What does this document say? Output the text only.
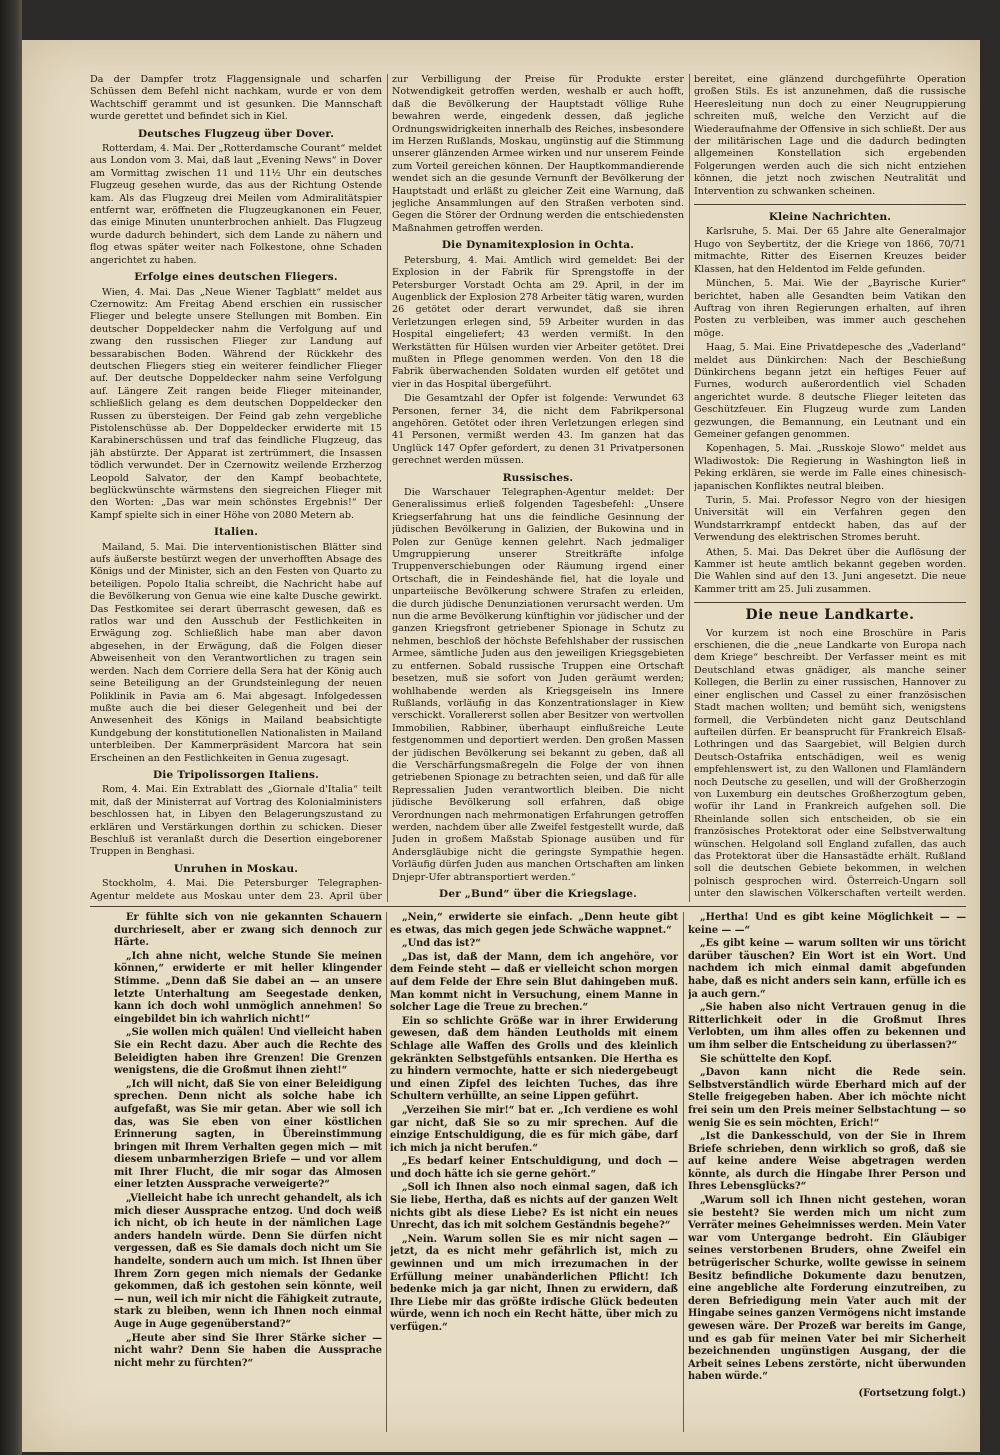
Da der Dampfer trotz Flaggensignale und scharfen Schüssen dem Befehl nicht nachkam, wurde er von dem Wachtschiff gerammt und ist gesunken. Die Mannschaft wurde gerettet und befindet sich in Kiel.

Deutsches Flugzeug über Dover.

Rotterdam, 4. Mai. Der „Rotterdamsche Courant“ meldet aus London vom 3. Mai, daß laut „Evening News“ in Dover am Vormittag zwischen 11 und 11½ Uhr ein deutsches Flugzeug gesehen wurde, das aus der Richtung Ostende kam. Als das Flugzeug drei Meilen vom Admiralitätspier entfernt war, eröffneten die Flugzeugkanonen ein Feuer, das einige Minuten ununterbrochen anhielt. Das Flugzeug wurde dadurch behindert, sich dem Lande zu nähern und flog etwas später weiter nach Folkestone, ohne Schaden angerichtet zu haben.

Erfolge eines deutschen Fliegers.

Wien, 4. Mai. Das „Neue Wiener Tagblatt“ meldet aus Czernowitz: Am Freitag Abend erschien ein russischer Flieger und belegte unsere Stellungen mit Bomben. Ein deutscher Doppeldecker nahm die Verfolgung auf und zwang den russischen Flieger zur Landung auf bessarabischen Boden. Während der Rückkehr des deutschen Fliegers stieg ein weiterer feindlicher Flieger auf. Der deutsche Doppeldecker nahm seine Verfolgung auf. Längere Zeit rangen beide Flieger miteinander, schließlich gelang es dem deutschen Doppeldecker den Russen zu übersteigen. Der Feind gab zehn vergebliche Pistolenschüsse ab. Der Doppeldecker erwiderte mit 15 Karabinerschüssen und traf das feindliche Flugzeug, das jäh abstürzte. Der Apparat ist zertrümmert, die Insassen tödlich verwundet. Der in Czernowitz weilende Erzherzog Leopold Salvator, der den Kampf beobachtete, beglückwünschte wärmstens den siegreichen Flieger mit den Worten: „Das war mein schönstes Ergebnis!“ Der Kampf spielte sich in einer Höhe von 2080 Metern ab.

Italien.

Mailand, 5. Mai. Die interventionistischen Blätter sind aufs äußerste bestürzt wegen der unverhofften Absage des Königs und der Minister, sich an den Festen von Quarto zu beteiligen. Popolo Italia schreibt, die Nachricht habe auf die Bevölkerung von Genua wie eine kalte Dusche gewirkt. Das Festkomitee sei derart überrascht gewesen, daß es ratlos war und den Ausschub der Festlichkeiten in Erwägung zog. Schließlich habe man aber davon abgesehen, in der Erwägung, daß die Folgen dieser Abweisenheit von den Verantwortlichen zu tragen sein werden. Nach dem Corriere della Sera hat der König auch seine Beteiligung an der Grundsteinlegung der neuen Poliklinik in Pavia am 6. Mai abgesagt. Infolgedessen mußte auch die bei dieser Gelegenheit und bei der Anwesenheit des Königs in Mailand beabsichtigte Kundgebung der konstitutionellen Nationalisten in Mailand unterbleiben. Der Kammerpräsident Marcora hat sein Erscheinen an den Festlichkeiten in Genua zugesagt.

Die Tripolissorgen Italiens.

Rom, 4. Mai. Ein Extrablatt des „Giornale d'Italia“ teilt mit, daß der Ministerrat auf Vortrag des Kolonialministers beschlossen hat, in Libyen den Belagerungszustand zu erklären und Verstärkungen dorthin zu schicken. Dieser Beschluß ist veranlaßt durch die Desertion eingeborener Truppen in Benghasi.

Unruhen in Moskau.

Stockholm, 4. Mai. Die Petersburger Telegraphen-Agentur meldete aus Moskau unter dem 23. April über

zur Verbilligung der Preise für Produkte erster Notwendigkeit getroffen werden, weshalb er auch hofft, daß die Bevölkerung der Hauptstadt völlige Ruhe bewahren werde, eingedenk dessen, daß jegliche Ordnungswidrigkeiten innerhalb des Reiches, insbesondere im Herzen Rußlands, Moskau, ungünstig auf die Stimmung unserer glänzenden Armee wirken und nur unserem Feinde zum Vorteil gereichen können. Der Hauptkommandierende wendet sich an die gesunde Vernunft der Bevölkerung der Hauptstadt und erläßt zu gleicher Zeit eine Warnung, daß jegliche Ansammlungen auf den Straßen verboten sind. Gegen die Störer der Ordnung werden die entschiedensten Maßnahmen getroffen werden.

Die Dynamitexplosion in Ochta.

Petersburg, 4. Mai. Amtlich wird gemeldet: Bei der Explosion in der Fabrik für Sprengstoffe in der Petersburger Vorstadt Ochta am 29. April, in der im Augenblick der Explosion 278 Arbeiter tätig waren, wurden 26 getötet oder derart verwundet, daß sie ihren Verletzungen erlegen sind, 59 Arbeiter wurden in das Hospital eingeliefert; 43 werden vermißt. In den Werkstätten für Hülsen wurden vier Arbeiter getötet. Drei mußten in Pflege genommen werden. Von den 18 die Fabrik überwachenden Soldaten wurden elf getötet und vier in das Hospital übergeführt.

Die Gesamtzahl der Opfer ist folgende: Verwundet 63 Personen, ferner 34, die nicht dem Fabrikpersonal angehören. Getötet oder ihren Verletzungen erlegen sind 41 Personen, vermißt werden 43. Im ganzen hat das Unglück 147 Opfer gefordert, zu denen 31 Privatpersonen gerechnet werden müssen.

Russisches.

Die Warschauer Telegraphen-Agentur meldet: Der Generalissimus erließ folgenden Tagesbefehl: „Unsere Kriegserfahrung hat uns die feindliche Gesinnung der jüdischen Bevölkerung in Galizien, der Bukowina und in Polen zur Genüge kennen gelehrt. Nach jedmaliger Umgruppierung unserer Streitkräfte infolge Truppenverschiebungen oder Räumung irgend einer Ortschaft, die in Feindeshände fiel, hat die loyale und unparteiische Bevölkerung schwere Strafen zu erleiden, die durch jüdische Denunziationen verursacht werden. Um nun die arme Bevölkerung künftighin vor jüdischer und der ganzen Kriegsfront getriebener Spionage in Schutz zu nehmen, beschloß der höchste Befehlshaber der russischen Armee, sämtliche Juden aus den jeweiligen Kriegsgebieten zu entfernen. Sobald russische Truppen eine Ortschaft besetzen, muß sie sofort von Juden geräumt werden; wohlhabende werden als Kriegsgeiseln ins Innere Rußlands, vorläufig in das Konzentrationslager in Kiew verschickt. Vorallererst sollen aber Besitzer von wertvollen Immobilien, Rabbiner, überhaupt einflußreiche Leute festgenommen und deportiert werden. Den großen Massen der jüdischen Bevölkerung sei bekannt zu geben, daß all die Verschärfungsmaßregeln die Folge der von ihnen getriebenen Spionage zu betrachten seien, und daß für alle Repressalien Juden verantwortlich bleiben. Die nicht jüdische Bevölkerung soll erfahren, daß obige Verordnungen nach mehrmonatigen Erfahrungen getroffen werden, nachdem über alle Zweifel festgestellt wurde, daß Juden in großem Maßstab Spionage ausüben und für Andersgläubige nicht die geringste Sympathie hegen. Vorläufig dürfen Juden aus manchen Ortschaften am linken Dnjepr-Ufer abtransportiert werden.“

Der „Bund“ über die Kriegslage.

bereitet, eine glänzend durchgeführte Operation großen Stils. Es ist anzunehmen, daß die russische Heeresleitung nun doch zu einer Neugruppierung schreiten muß, welche den Verzicht auf die Wiederaufnahme der Offensive in sich schließt. Der aus der militärischen Lage und die dadurch bedingten allgemeinen Konstellation sich ergebenden Folgerungen werden auch die sich nicht entziehen können, die jetzt noch zwischen Neutralität und Intervention zu schwanken scheinen.

Kleine Nachrichten.

Karlsruhe, 5. Mai. Der 65 Jahre alte Generalmajor Hugo von Seybertitz, der die Kriege von 1866, 70/71 mitmachte, Ritter des Eisernen Kreuzes beider Klassen, hat den Heldentod im Felde gefunden.

München, 5. Mai. Wie der „Bayrische Kurier“ berichtet, haben alle Gesandten beim Vatikan den Auftrag von ihren Regierungen erhalten, auf ihren Posten zu verbleiben, was immer auch geschehen möge.

Haag, 5. Mai. Eine Privatdepesche des „Vaderland“ meldet aus Dünkirchen: Nach der Beschießung Dünkirchens begann jetzt ein heftiges Feuer auf Furnes, wodurch außerordentlich viel Schaden angerichtet wurde. 8 deutsche Flieger leiteten das Geschützfeuer. Ein Flugzeug wurde zum Landen gezwungen, die Bemannung, ein Leutnant und ein Gemeiner gefangen genommen.

Kopenhagen, 5. Mai. „Russkoje Slowo“ meldet aus Wladiwostok: Die Regierung in Washington ließ in Peking erklären, sie werde im Falle eines chinesisch-japanischen Konfliktes neutral bleiben.

Turin, 5. Mai. Professor Negro von der hiesigen Universität will ein Verfahren gegen den Wundstarrkrampf entdeckt haben, das auf der Verwendung des elektrischen Stromes beruht.

Athen, 5. Mai. Das Dekret über die Auflösung der Kammer ist heute amtlich bekannt gegeben worden. Die Wahlen sind auf den 13. Juni angesetzt. Die neue Kammer tritt am 25. Juli zusammen.

Die neue Landkarte.

Vor kurzem ist noch eine Broschüre in Paris erschienen, die die „neue Landkarte von Europa nach dem Kriege“ beschreibt. Der Verfasser meint es mit Deutschland etwas gnädiger, als manche seiner Kollegen, die Berlin zu einer russischen, Hannover zu einer englischen und Cassel zu einer französischen Stadt machen wollten; und bemüht sich, wenigstens formell, die Verbündeten nicht ganz Deutschland aufteilen dürfen. Er beansprucht für Frankreich Elsaß-Lothringen und das Saargebiet, will Belgien durch Deutsch-Ostafrika entschädigen, weil es wenig empfehlenswert ist, zu den Wallonen und Flamländern noch Deutsche zu gesellen, und will der Großherzogin von Luxemburg ein deutsches Großherzogtum geben, wofür ihr Land in Frankreich aufgehen soll. Die Rheinlande sollen sich entscheiden, ob sie ein französisches Protektorat oder eine Selbstverwaltung wünschen. Helgoland soll England zufallen, das auch das Protektorat über die Hansastädte erhält. Rußland soll die deutschen Gebiete bekommen, in welchen polnisch gesprochen wird. Österreich-Ungarn soll unter den slawischen Völkerschaften verteilt werden.

Er fühlte sich von nie gekannten Schauern durchrieselt, aber er zwang sich dennoch zur Härte.

„Ich ahne nicht, welche Stunde Sie meinen können,“ erwiderte er mit heller klingender Stimme. „Denn daß Sie dabei an — an unsere letzte Unterhaltung am Seegestade denken, kann ich doch wohl unmöglich annehmen! So eingebildet bin ich wahrlich nicht!“

„Sie wollen mich quälen! Und vielleicht haben Sie ein Recht dazu. Aber auch die Rechte des Beleidigten haben ihre Grenzen! Die Grenzen wenigstens, die die Großmut ihnen zieht!“

„Ich will nicht, daß Sie von einer Beleidigung sprechen. Denn nicht als solche habe ich aufgefaßt, was Sie mir getan. Aber wie soll ich das, was Sie eben von einer köstlichen Erinnerung sagten, in Übereinstimmung bringen mit Ihrem Verhalten gegen mich — mit diesem unbarmherzigen Briefe — und vor allem mit Ihrer Flucht, die mir sogar das Almosen einer letzten Aussprache verweigerte?“

„Vielleicht habe ich unrecht gehandelt, als ich mich dieser Aussprache entzog. Und doch weiß ich nicht, ob ich heute in der nämlichen Lage anders handeln würde. Denn Sie dürfen nicht vergessen, daß es Sie damals doch nicht um Sie handelte, sondern auch um mich. Ist Ihnen über Ihrem Zorn gegen mich niemals der Gedanke gekommen, daß ich gestohen sein könnte, weil — nun, weil ich mir nicht die Fähigkeit zutraute, stark zu bleiben, wenn ich Ihnen noch einmal Auge in Auge gegenüberstand?“

„Heute aber sind Sie Ihrer Stärke sicher — nicht wahr? Denn Sie haben die Aussprache nicht mehr zu fürchten?“

„Nein,“ erwiderte sie einfach. „Denn heute gibt es etwas, das mich gegen jede Schwäche wappnet.“

„Und das ist?“

„Das ist, daß der Mann, dem ich angehöre, vor dem Feinde steht — daß er vielleicht schon morgen auf dem Felde der Ehre sein Blut dahingeben muß. Man kommt nicht in Versuchung, einem Manne in solcher Lage die Treue zu brechen.“

Ein so schlichte Größe war in ihrer Erwiderung gewesen, daß dem händen Leutholds mit einem Schlage alle Waffen des Grolls und des kleinlich gekränkten Selbstgefühls entsanken. Die Hertha es zu hindern vermochte, hatte er sich niedergebeugt und einen Zipfel des leichten Tuches, das ihre Schultern verhüllte, an seine Lippen geführt.

„Verzeihen Sie mir!“ bat er. „Ich verdiene es wohl gar nicht, daß Sie so zu mir sprechen. Auf die einzige Entschuldigung, die es für mich gäbe, darf ich mich ja nicht berufen.“

„Es bedarf keiner Entschuldigung, und doch — und doch hätte ich sie gerne gehört.“

„Soll ich Ihnen also noch einmal sagen, daß ich Sie liebe, Hertha, daß es nichts auf der ganzen Welt nichts gibt als diese Liebe? Es ist nicht ein neues Unrecht, das ich mit solchem Geständnis begehe?“

„Nein. Warum sollen Sie es mir nicht sagen — jetzt, da es nicht mehr gefährlich ist, mich zu gewinnen und um mich irrezumachen in der Erfüllung meiner unabänderlichen Pflicht! Ich bedenke mich ja gar nicht, Ihnen zu erwidern, daß Ihre Liebe mir das größte irdische Glück bedeuten würde, wenn ich noch ein Recht hätte, über mich zu verfügen.“

„Hertha! Und es gibt keine Möglichkeit — — keine — —“

„Es gibt keine — warum sollten wir uns töricht darüber täuschen? Ein Wort ist ein Wort. Und nachdem ich mich einmal damit abgefunden habe, daß es nicht anders sein kann, erfülle ich es ja auch gern.“

„Sie haben also nicht Vertrauen genug in die Ritterlichkeit oder in die Großmut Ihres Verlobten, um ihm alles offen zu bekennen und um ihm selber die Entscheidung zu überlassen?“

Sie schüttelte den Kopf.

„Davon kann nicht die Rede sein. Selbstverständlich würde Eberhard mich auf der Stelle freigegeben haben. Aber ich möchte nicht frei sein um den Preis meiner Selbstachtung — so wenig Sie es sein möchten, Erich!“

„Ist die Dankesschuld, von der Sie in Ihrem Briefe schrieben, denn wirklich so groß, daß sie auf keine andere Weise abgetragen werden könnte, als durch die Hingabe Ihrer Person und Ihres Lebensglücks?“

„Warum soll ich Ihnen nicht gestehen, woran sie besteht? Sie werden mich um nicht zum Verräter meines Geheimnisses werden. Mein Vater war vom Untergange bedroht. Ein Gläubiger seines verstorbenen Bruders, ohne Zweifel ein betrügerischer Schurke, wollte gewisse in seinem Besitz befindliche Dokumente dazu benutzen, eine angebliche alte Forderung einzutreiben, zu deren Befriedigung mein Vater auch mit der Hingabe seines ganzen Vermögens nicht imstande gewesen wäre. Der Prozeß war bereits im Gange, und es gab für meinen Vater bei mir Sicherheit bezeichnenden ungünstigen Ausgang, der die Arbeit seines Lebens zerstörte, nicht überwunden haben würde.“

(Fortsetzung folgt.)
